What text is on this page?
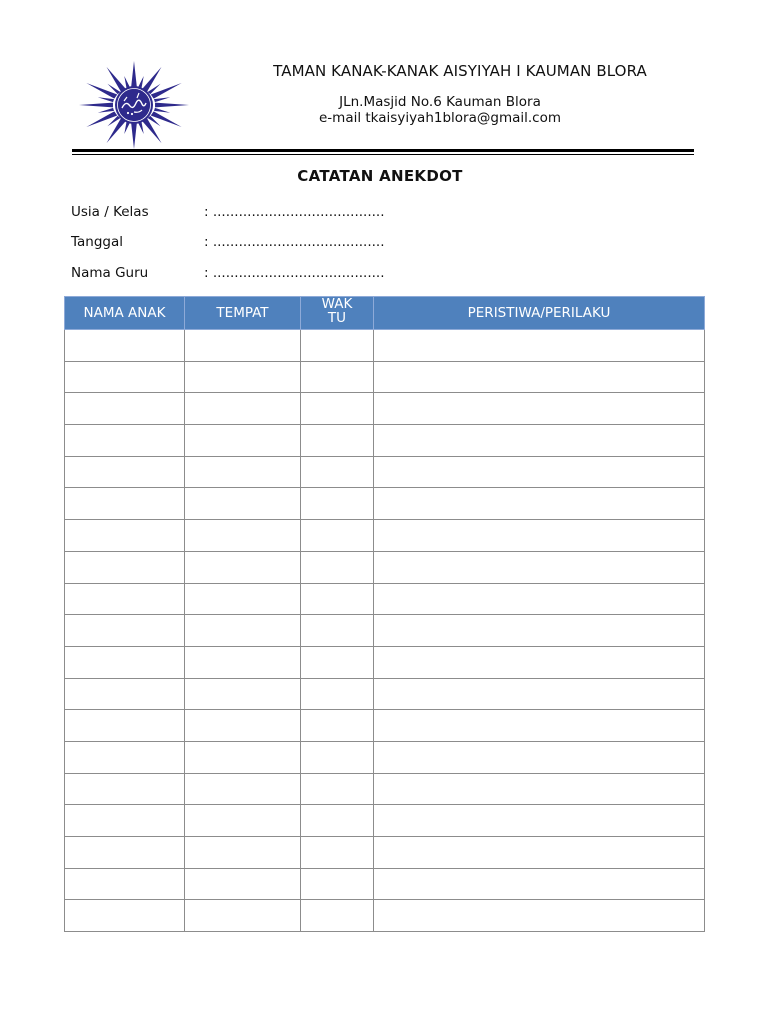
TAMAN KANAK-KANAK AISYIYAH I KAUMAN BLORA
JLn.Masjid No.6 Kauman Blora
e-mail tkaisyiyah1blora@gmail.com
CATATAN ANEKDOT
Usia / Kelas	: ........................................
Tanggal	: ........................................
Nama Guru	: ........................................
NAMA ANAK	TEMPAT	WAKTU	PERISTIWA/PERILAKU
